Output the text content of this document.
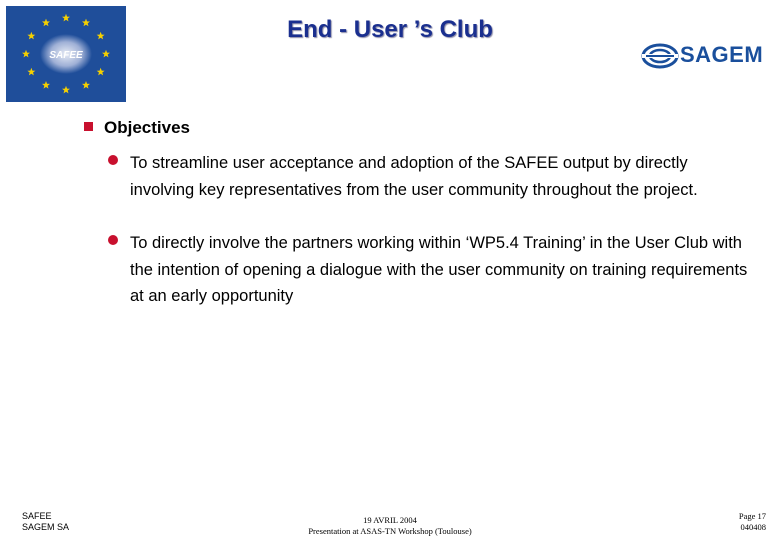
SAFEE
End - User ’s Club
SAGEM
Objectives
To streamline user acceptance and adoption of the SAFEE output by directly involving key representatives from the user community throughout the project.
To directly involve the partners working within ‘WP5.4 Training’ in the User Club with the intention of opening a dialogue with the user community on training requirements at an early opportunity
SAFEE
SAGEM SA
19 AVRIL 2004
Presentation at ASAS-TN Workshop (Toulouse)
Page 17
040408
